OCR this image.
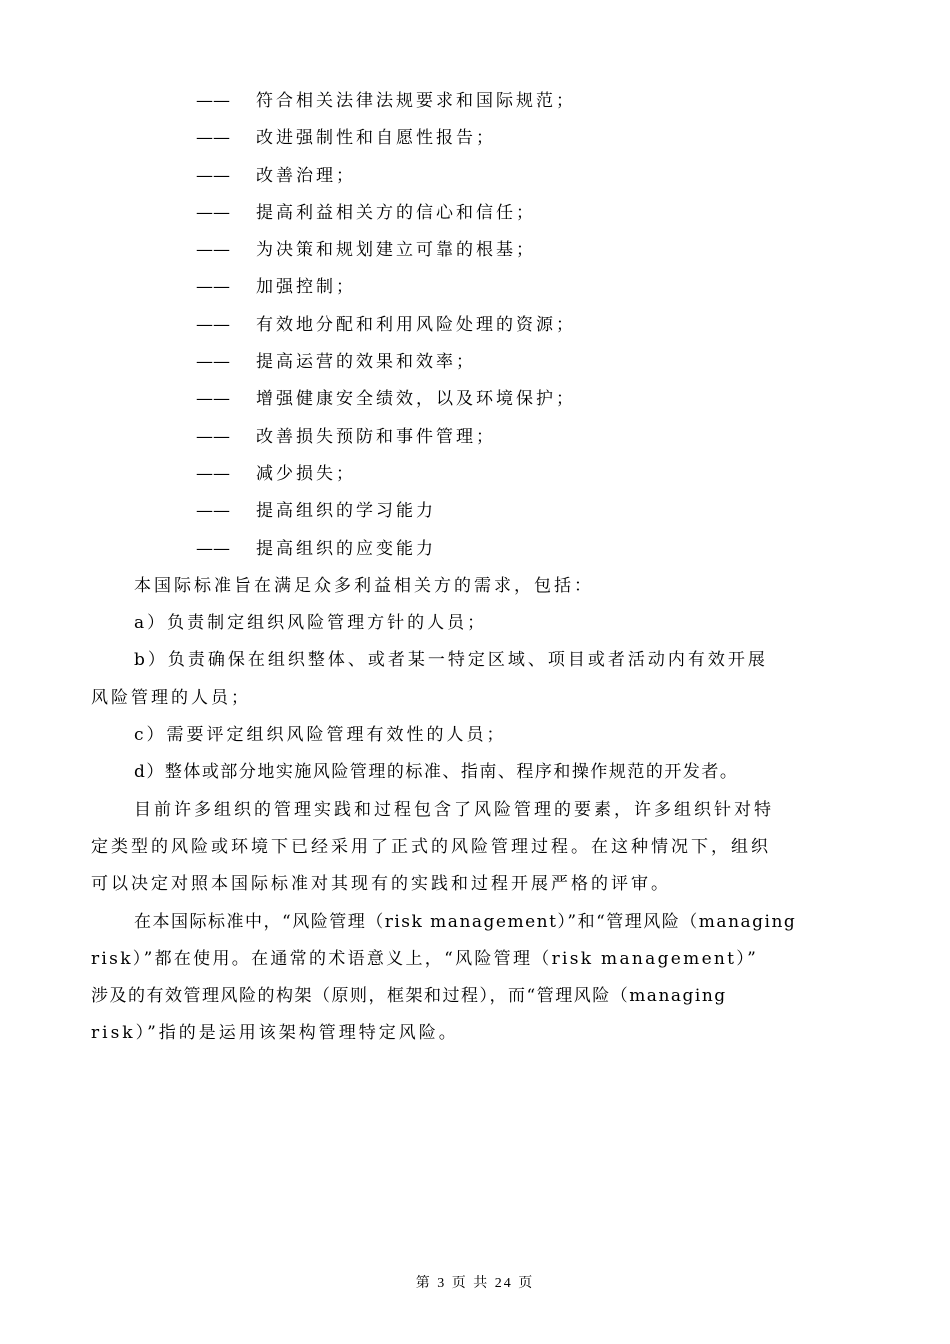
—— 符合相关法律法规要求和国际规范；
—— 改进强制性和自愿性报告；
—— 改善治理；
—— 提高利益相关方的信心和信任；
—— 为决策和规划建立可靠的根基；
—— 加强控制；
—— 有效地分配和利用风险处理的资源；
—— 提高运营的效果和效率；
—— 增强健康安全绩效，以及环境保护；
—— 改善损失预防和事件管理；
—— 减少损失；
—— 提高组织的学习能力
—— 提高组织的应变能力
本国际标准旨在满足众多利益相关方的需求，包括：
a）负责制定组织风险管理方针的人员；
b）负责确保在组织整体、或者某一特定区域、项目或者活动内有效开展
风险管理的人员；
c）需要评定组织风险管理有效性的人员；
d）整体或部分地实施风险管理的标准、指南、程序和操作规范的开发者。
目前许多组织的管理实践和过程包含了风险管理的要素，许多组织针对特
定类型的风险或环境下已经采用了正式的风险管理过程。在这种情况下，组织
可以决定对照本国际标准对其现有的实践和过程开展严格的评审。
在本国际标准中，“风险管理（risk management）”和“管理风险（managing
risk）”都在使用。在通常的术语意义上，“风险管理（risk management）”
涉及的有效管理风险的构架（原则，框架和过程），而“管理风险（managing
risk）”指的是运用该架构管理特定风险。
第 3 页 共 24 页
